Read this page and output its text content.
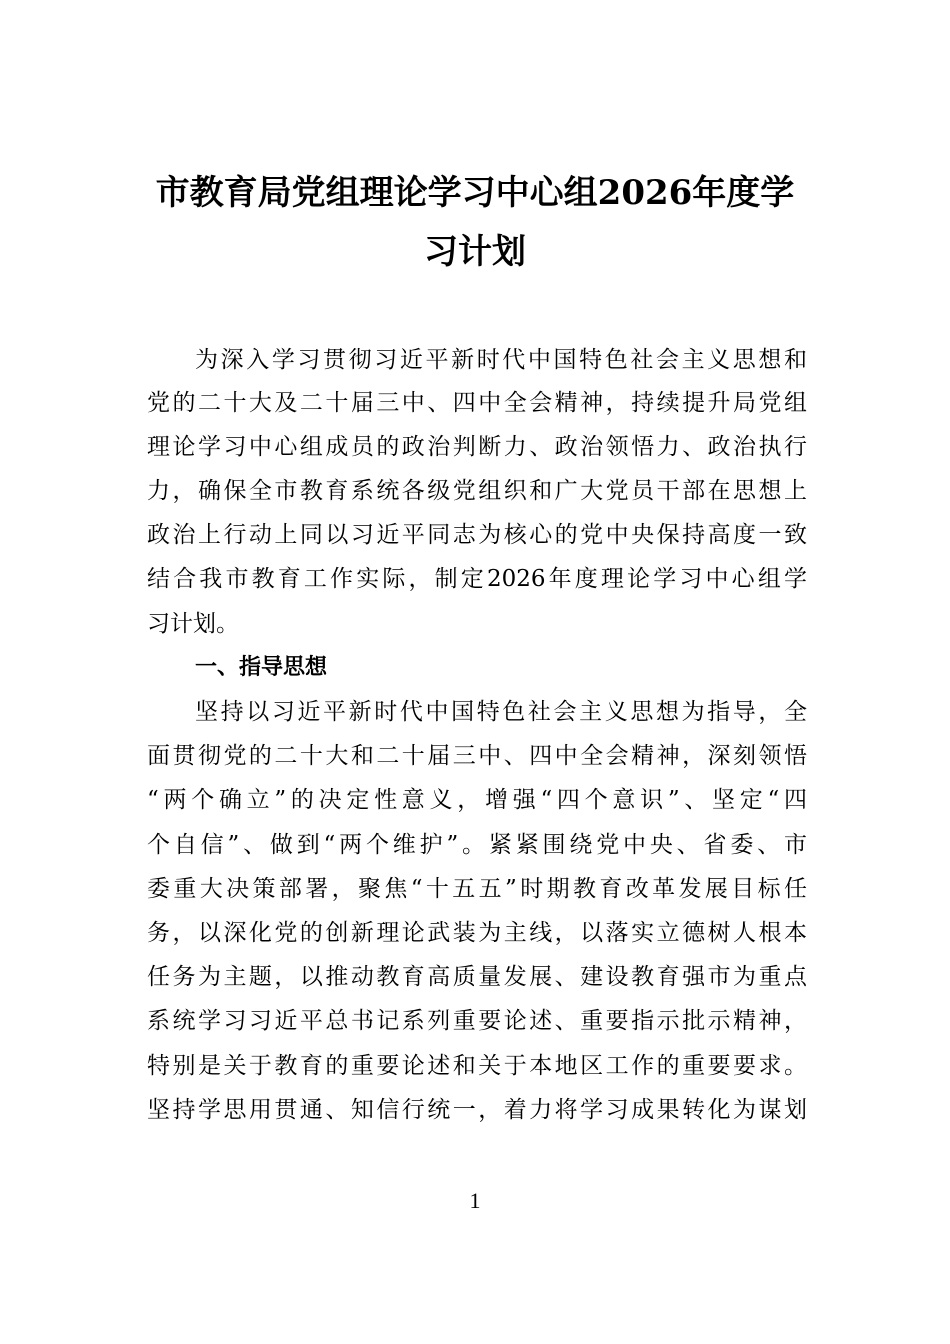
市教育局党组理论学习中心组2026年度学习计划
为深入学习贯彻习近平新时代中国特色社会主义思想和
党的二十大及二十届三中、四中全会精神，持续提升局党组
理论学习中心组成员的政治判断力、政治领悟力、政治执行
力，确保全市教育系统各级党组织和广大党员干部在思想上
政治上行动上同以习近平同志为核心的党中央保持高度一致
结合我市教育工作实际，制定2026年度理论学习中心组学
习计划。
一、指导思想
坚持以习近平新时代中国特色社会主义思想为指导，全
面贯彻党的二十大和二十届三中、四中全会精神，深刻领悟
“两个确立”的决定性意义，增强“四个意识”、坚定“四
个自信”、做到“两个维护”。紧紧围绕党中央、省委、市
委重大决策部署，聚焦“十五五”时期教育改革发展目标任
务，以深化党的创新理论武装为主线，以落实立德树人根本
任务为主题，以推动教育高质量发展、建设教育强市为重点
系统学习习近平总书记系列重要论述、重要指示批示精神，
特别是关于教育的重要论述和关于本地区工作的重要要求。
坚持学思用贯通、知信行统一，着力将学习成果转化为谋划
1
